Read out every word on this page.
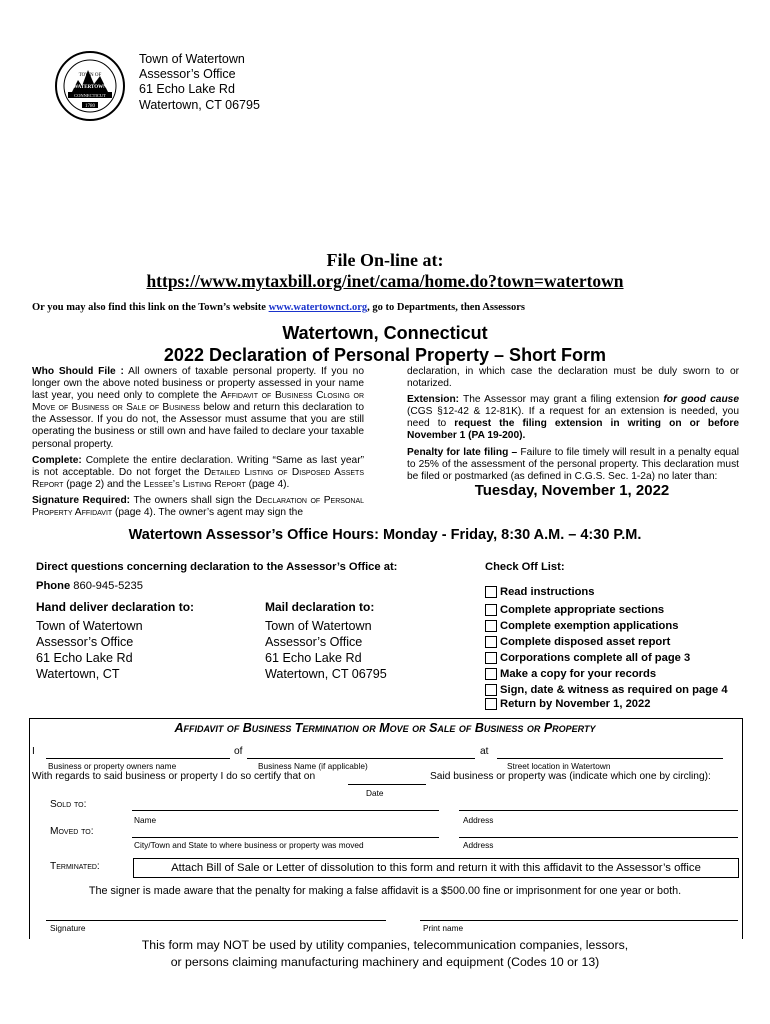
TOWN OF
WATERTOWN
CONNECTICUT
1780
Town of Watertown
Assessor’s Office
61 Echo Lake Rd
Watertown, CT 06795
File On-line at:
https://www.mytaxbill.org/inet/cama/home.do?town=watertown
Or you may also find this link on the Town’s website www.watertownct.org, go to Departments, then Assessors
Watertown, Connecticut
2022 Declaration of Personal Property – Short Form

Who Should File : All owners of taxable personal property. If you no longer own the above noted business or property assessed in your name last year, you need only to complete the Affidavit of Business Closing or Move of Business or Sale of Business below and return this declaration to the Assessor. If you do not, the Assessor must assume that you are still operating the business or still own and have failed to declare your taxable personal property.

Complete: Complete the entire declaration. Writing “Same as last year” is not acceptable. Do not forget the Detailed Listing of Disposed Assets Report (page 2) and the Lessee’s Listing Report (page 4).

Signature Required: The owners shall sign the Declaration of Personal Property Affidavit (page 4). The owner’s agent may sign the

declaration, in which case the declaration must be duly sworn to or notarized.

Extension: The Assessor may grant a filing extension for good cause (CGS §12-42 & 12-81K). If a request for an extension is needed, you need to request the filing extension in writing on or before November 1 (PA 19-200).

Penalty for late filing – Failure to file timely will result in a penalty equal to 25% of the assessment of the personal property. This declaration must be filed or postmarked (as defined in C.G.S. Sec. 1-2a) no later than:

Tuesday, November 1, 2022
Watertown Assessor’s Office Hours: Monday - Friday, 8:30 A.M. – 4:30 P.M.
Direct questions concerning declaration to the Assessor’s Office at:
Phone 860-945-5235
Hand deliver declaration to:
Town of Watertown
Assessor’s Office
61 Echo Lake Rd
Watertown, CT
Mail declaration to:
Town of Watertown
Assessor’s Office
61 Echo Lake Rd
Watertown, CT 06795
Check Off List:
Read instructions
Complete appropriate sections
Complete exemption applications
Complete disposed asset report
Corporations complete all of page 3
Make a copy for your records
Sign, date & witness as required on page 4
Return by November 1, 2022
Affidavit of Business Termination or Move or Sale of Business or Property
I	of	at
Business or property owners name	Business Name (if applicable)	Street location in Watertown
With regards to said business or property I do so certify that on	Said business or property was (indicate which one by circling):
Date
Sold to:
Name	Address
Moved to:
City/Town and State to where business or property was moved	Address
Terminated:	Attach Bill of Sale or Letter of dissolution to this form and return it with this affidavit to the Assessor’s office
The signer is made aware that the penalty for making a false affidavit is a $500.00 fine or imprisonment for one year or both.
Signature	Print name
This form may NOT be used by utility companies, telecommunication companies, lessors,
or persons claiming manufacturing machinery and equipment (Codes 10 or 13)
